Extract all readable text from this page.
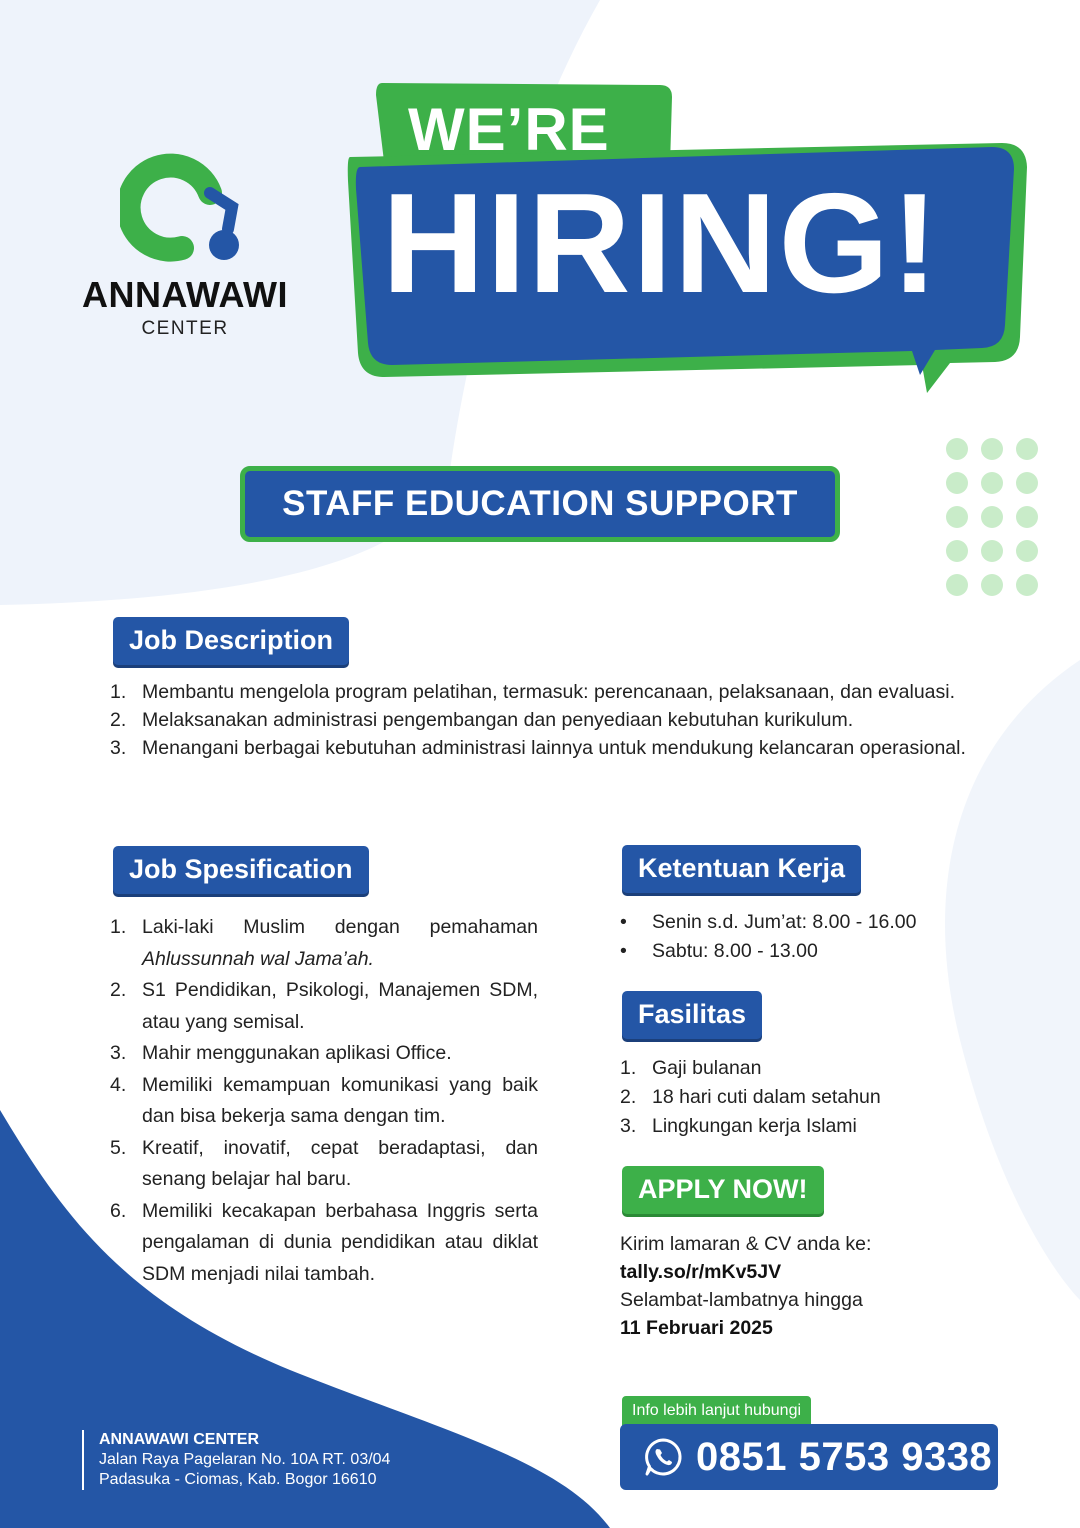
ANNAWAWI
CENTER
WE’RE
HIRING!
STAFF EDUCATION SUPPORT
Job Description
1. Membantu mengelola program pelatihan, termasuk: perencanaan, pelaksanaan, dan evaluasi.
2. Melaksanakan administrasi pengembangan dan penyediaan kebutuhan kurikulum.
3. Menangani berbagai kebutuhan administrasi lainnya untuk mendukung kelancaran operasional.
Job Spesification
1. Laki-laki Muslim dengan pemahaman Ahlussunnah wal Jama’ah.
2. S1 Pendidikan, Psikologi, Manajemen SDM, atau yang semisal.
3. Mahir menggunakan aplikasi Office.
4. Memiliki kemampuan komunikasi yang baik dan bisa bekerja sama dengan tim.
5. Kreatif, inovatif, cepat beradaptasi, dan senang belajar hal baru.
6. Memiliki kecakapan berbahasa Inggris serta pengalaman di dunia pendidikan atau diklat SDM menjadi nilai tambah.
Ketentuan Kerja
• Senin s.d. Jum’at: 8.00 - 16.00
• Sabtu: 8.00 - 13.00
Fasilitas
1. Gaji bulanan
2. 18 hari cuti dalam setahun
3. Lingkungan kerja Islami
APPLY NOW!
Kirim lamaran & CV anda ke:
tally.so/r/mKv5JV
Selambat-lambatnya hingga
11 Februari 2025
ANNAWAWI CENTER
Jalan Raya Pagelaran No. 10A RT. 03/04
Padasuka - Ciomas, Kab. Bogor 16610
Info lebih lanjut hubungi
0851 5753 9338
